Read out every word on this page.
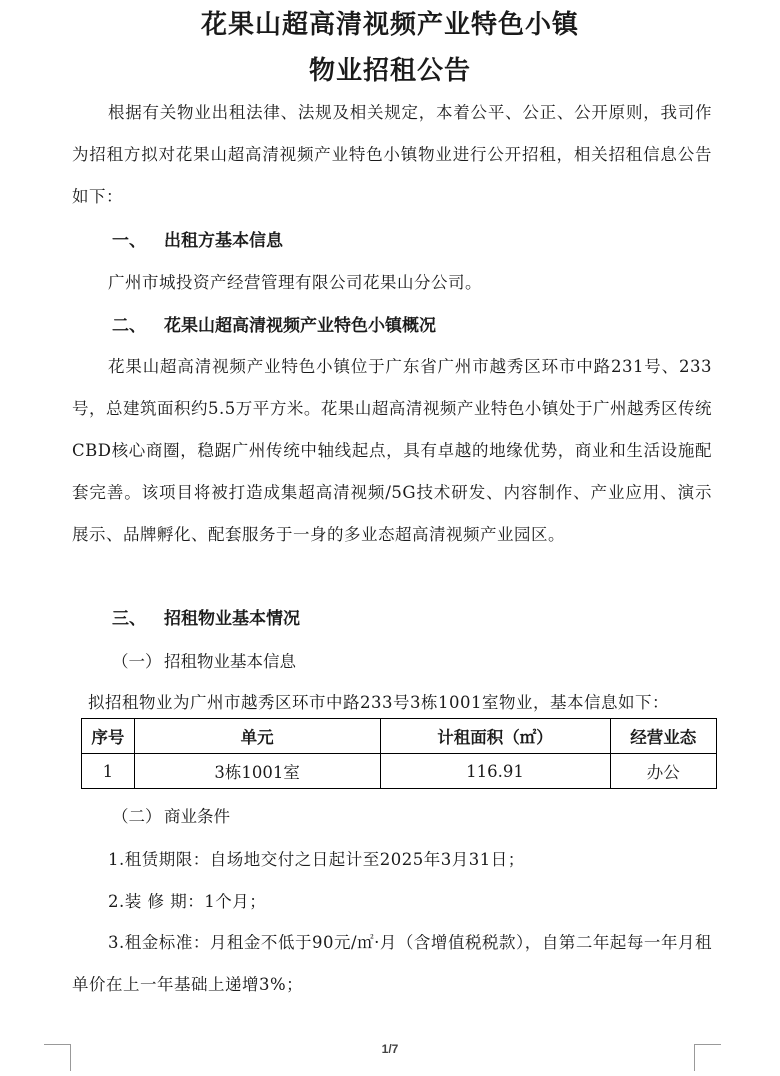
花果山超高清视频产业特色小镇
物业招租公告

根据有关物业出租法律、法规及相关规定，本着公平、公正、公开原则，我司作为招租方拟对花果山超高清视频产业特色小镇物业进行公开招租，相关招租信息公告如下：

一、 出租方基本信息

广州市城投资产经营管理有限公司花果山分公司。

二、 花果山超高清视频产业特色小镇概况

花果山超高清视频产业特色小镇位于广东省广州市越秀区环市中路231号、233号，总建筑面积约5.5万平方米。花果山超高清视频产业特色小镇处于广州越秀区传统CBD核心商圈，稳踞广州传统中轴线起点，具有卓越的地缘优势，商业和生活设施配套完善。该项目将被打造成集超高清视频/5G技术研发、内容制作、产业应用、演示展示、品牌孵化、配套服务于一身的多业态超高清视频产业园区。

三、 招租物业基本情况

（一） 招租物业基本信息

拟招租物业为广州市越秀区环市中路233号3栋1001室物业，基本信息如下：

序号	单元	计租面积（㎡）	经营业态
1	3栋1001室	116.91	办公

（二） 商业条件

1.租赁期限：自场地交付之日起计至2025年3月31日；

2.装 修 期：1个月；

3.租金标准：月租金不低于90元/㎡·月（含增值税税款），自第二年起每一年月租单价在上一年基础上递增3%；

1/7
